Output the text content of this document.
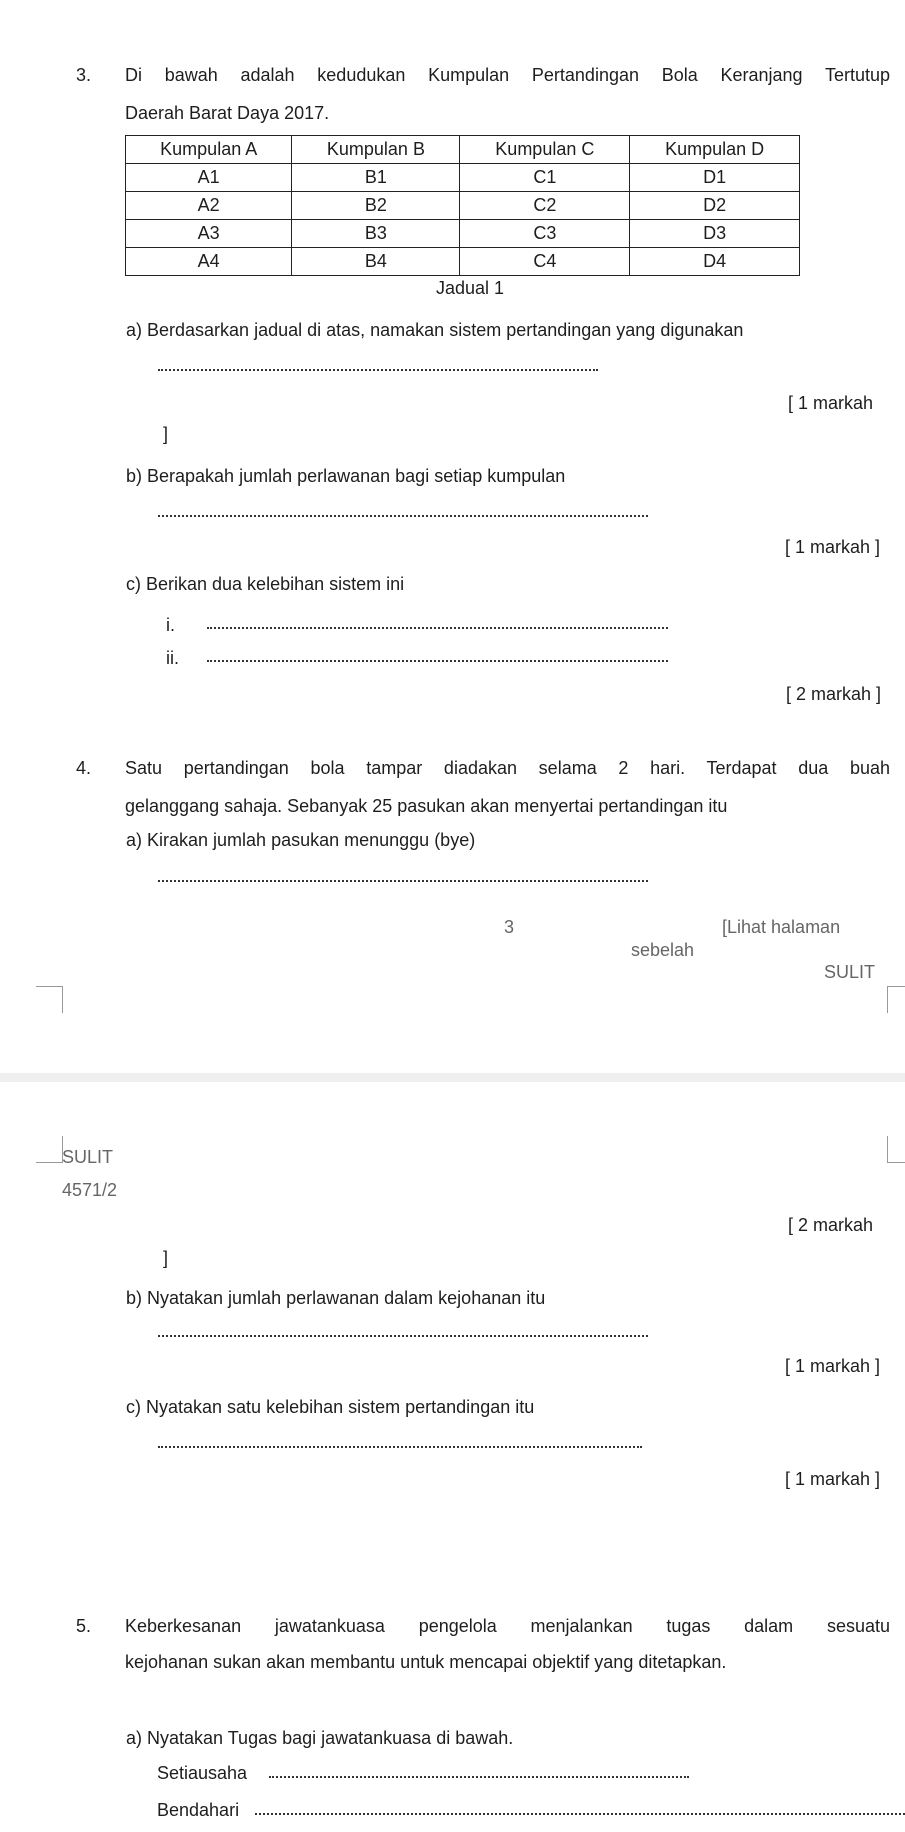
3. Di bawah adalah kedudukan Kumpulan Pertandingan Bola Keranjang Tertutup
Daerah Barat Daya 2017.
Kumpulan A	Kumpulan B	Kumpulan C	Kumpulan D
A1	B1	C1	D1
A2	B2	C2	D2
A3	B3	C3	D3
A4	B4	C4	D4
Jadual 1
a) Berdasarkan jadual di atas, namakan sistem pertandingan yang digunakan
[ 1 markah
]
b) Berapakah jumlah perlawanan bagi setiap kumpulan
[ 1 markah ]
c) Berikan dua kelebihan sistem ini
i.
ii.
[ 2 markah ]
4. Satu pertandingan bola tampar diadakan selama 2 hari. Terdapat dua buah
gelanggang sahaja. Sebanyak 25 pasukan akan menyertai pertandingan itu
a) Kirakan jumlah pasukan menunggu (bye)
3	[Lihat halaman
sebelah
SULIT
SULIT
4571/2
[ 2 markah
]
b) Nyatakan jumlah perlawanan dalam kejohanan itu
[ 1 markah ]
c) Nyatakan satu kelebihan sistem pertandingan itu
[ 1 markah ]
5. Keberkesanan jawatankuasa pengelola menjalankan tugas dalam sesuatu
kejohanan sukan akan membantu untuk mencapai objektif yang ditetapkan.
a) Nyatakan Tugas bagi jawatankuasa di bawah.
Setiausaha
Bendahari
